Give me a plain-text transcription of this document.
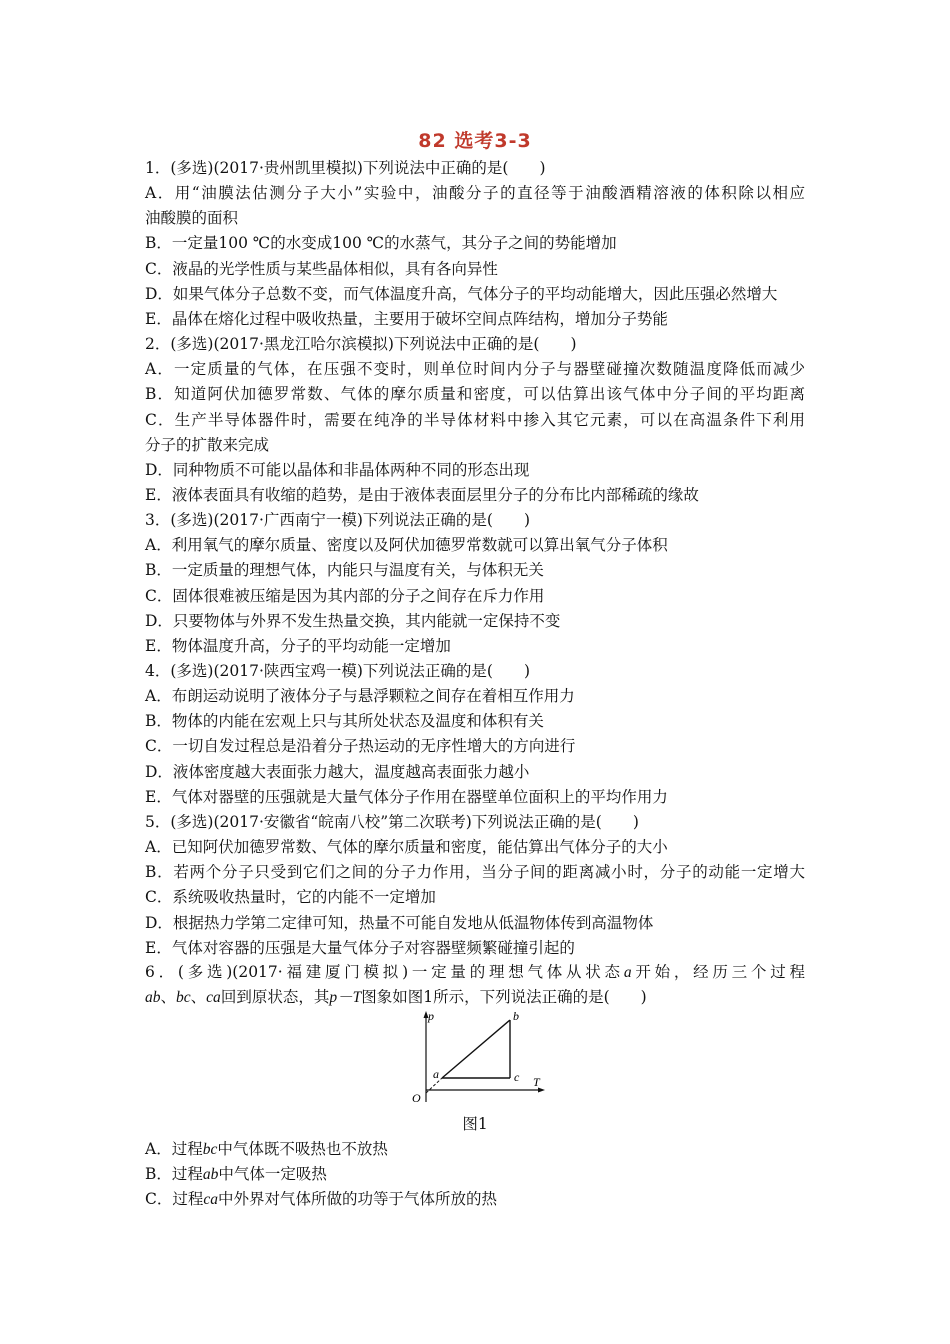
82 选考3-3
1．(多选)(2017·贵州凯里模拟)下列说法中正确的是(　　)
A．用“油膜法估测分子大小”实验中，油酸分子的直径等于油酸酒精溶液的体积除以相应
油酸膜的面积
B．一定量100 ℃的水变成100 ℃的水蒸气，其分子之间的势能增加
C．液晶的光学性质与某些晶体相似，具有各向异性
D．如果气体分子总数不变，而气体温度升高，气体分子的平均动能增大，因此压强必然增大
E．晶体在熔化过程中吸收热量，主要用于破坏空间点阵结构，增加分子势能
2．(多选)(2017·黑龙江哈尔滨模拟)下列说法中正确的是(　　)
A．一定质量的气体，在压强不变时，则单位时间内分子与器壁碰撞次数随温度降低而减少
B．知道阿伏加德罗常数、气体的摩尔质量和密度，可以估算出该气体中分子间的平均距离
C．生产半导体器件时，需要在纯净的半导体材料中掺入其它元素，可以在高温条件下利用
分子的扩散来完成
D．同种物质不可能以晶体和非晶体两种不同的形态出现
E．液体表面具有收缩的趋势，是由于液体表面层里分子的分布比内部稀疏的缘故
3．(多选)(2017·广西南宁一模)下列说法正确的是(　　)
A．利用氧气的摩尔质量、密度以及阿伏加德罗常数就可以算出氧气分子体积
B．一定质量的理想气体，内能只与温度有关，与体积无关
C．固体很难被压缩是因为其内部的分子之间存在斥力作用
D．只要物体与外界不发生热量交换，其内能就一定保持不变
E．物体温度升高，分子的平均动能一定增加
4．(多选)(2017·陕西宝鸡一模)下列说法正确的是(　　)
A．布朗运动说明了液体分子与悬浮颗粒之间存在着相互作用力
B．物体的内能在宏观上只与其所处状态及温度和体积有关
C．一切自发过程总是沿着分子热运动的无序性增大的方向进行
D．液体密度越大表面张力越大，温度越高表面张力越小
E．气体对器壁的压强就是大量气体分子作用在器壁单位面积上的平均作用力
5．(多选)(2017·安徽省“皖南八校”第二次联考)下列说法正确的是(　　)
A．已知阿伏加德罗常数、气体的摩尔质量和密度，能估算出气体分子的大小
B．若两个分子只受到它们之间的分子力作用，当分子间的距离减小时，分子的动能一定增大
C．系统吸收热量时，它的内能不一定增加
D．根据热力学第二定律可知，热量不可能自发地从低温物体传到高温物体
E．气体对容器的压强是大量气体分子对容器壁频繁碰撞引起的
6．(多选)(2017·福建厦门模拟)一定量的理想气体从状态a开始，经历三个过程
ab、bc、ca回到原状态，其p－T图象如图1所示，下列说法正确的是(　　)
p
T
O
a
b
c
图1
A．过程bc中气体既不吸热也不放热
B．过程ab中气体一定吸热
C．过程ca中外界对气体所做的功等于气体所放的热
